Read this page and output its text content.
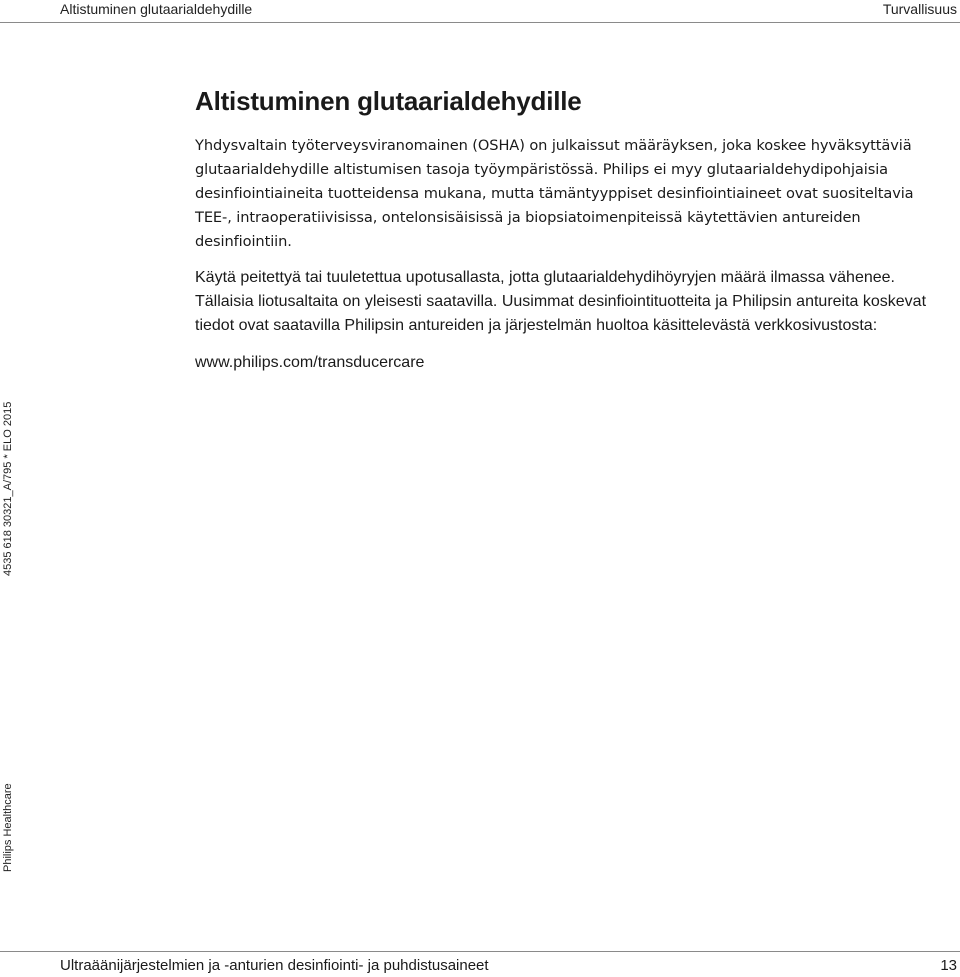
Altistuminen glutaarialdehydille	Turvallisuus
4535 618 30321_A/795 * ELO 2015
Philips Healthcare
Altistuminen glutaarialdehydille

Yhdysvaltain työterveysviranomainen (OSHA) on julkaissut määräyksen, joka koskee hyväksyttäviä glutaarialdehydille altistumisen tasoja työympäristössä. Philips ei myy glutaarialdehydipohjaisia desinfiointiaineita tuotteidensa mukana, mutta tämäntyyppiset desinfiointiaineet ovat suositeltavia TEE-, intraoperatiivisissa, ontelonsisäisissä ja biopsiatoimenpiteissä käytettävien antureiden desinfiointiin.

Käytä peitettyä tai tuuletettua upotusallasta, jotta glutaarialdehydihöyryjen määrä ilmassa vähenee. Tällaisia liotusaltaita on yleisesti saatavilla. Uusimmat desinfiointituotteita ja Philipsin antureita koskevat tiedot ovat saatavilla Philipsin antureiden ja järjestelmän huoltoa käsittelevästä verkkosivustosta:

www.philips.com/transducercare

Ultraäänijärjestelmien ja -anturien desinfiointi- ja puhdistusaineet	13
